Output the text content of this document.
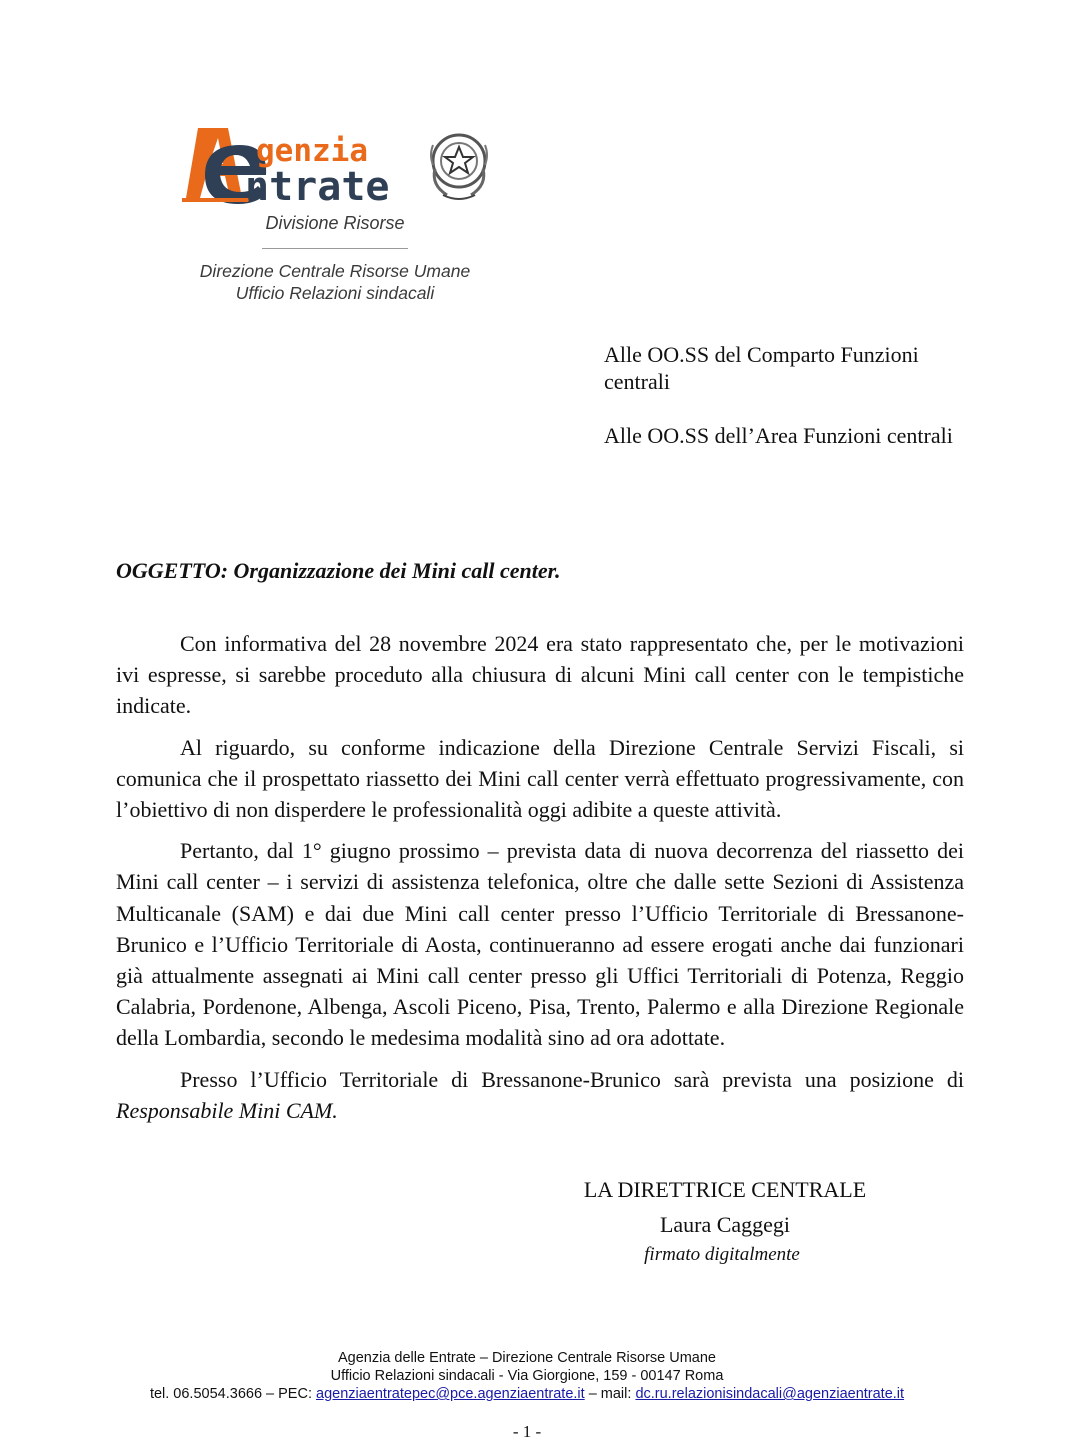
genzia
ntrate
Divisione Risorse
Direzione Centrale Risorse Umane
Ufficio Relazioni sindacali

Alle OO.SS del Comparto Funzioni centrali

Alle OO.SS dell’Area Funzioni centrali

OGGETTO: Organizzazione dei Mini call center.

Con informativa del 28 novembre 2024 era stato rappresentato che, per le motivazioni ivi espresse, si sarebbe proceduto alla chiusura di alcuni Mini call center con le tempistiche indicate.

Al riguardo, su conforme indicazione della Direzione Centrale Servizi Fiscali, si comunica che il prospettato riassetto dei Mini call center verrà effettuato progressivamente, con l’obiettivo di non disperdere le professionalità oggi adibite a queste attività.

Pertanto, dal 1° giugno prossimo – prevista data di nuova decorrenza del riassetto dei Mini call center – i servizi di assistenza telefonica, oltre che dalle sette Sezioni di Assistenza Multicanale (SAM) e dai due Mini call center presso l’Ufficio Territoriale di Bressanone-Brunico e l’Ufficio Territoriale di Aosta, continueranno ad essere erogati anche dai funzionari già attualmente assegnati ai Mini call center presso gli Uffici Territoriali di Potenza, Reggio Calabria, Pordenone, Albenga, Ascoli Piceno, Pisa, Trento, Palermo e alla Direzione Regionale della Lombardia, secondo le medesima modalità sino ad ora adottate.

Presso l’Ufficio Territoriale di Bressanone-Brunico sarà prevista una posizione di Responsabile Mini CAM.

LA DIRETTRICE CENTRALE
Laura Caggegi
firmato digitalmente
Agenzia delle Entrate – Direzione Centrale Risorse Umane
Ufficio Relazioni sindacali - Via Giorgione, 159 - 00147 Roma
tel. 06.5054.3666 – PEC: agenziaentratepec@pce.agenziaentrate.it – mail: dc.ru.relazionisindacali@agenziaentrate.it
- 1 -
